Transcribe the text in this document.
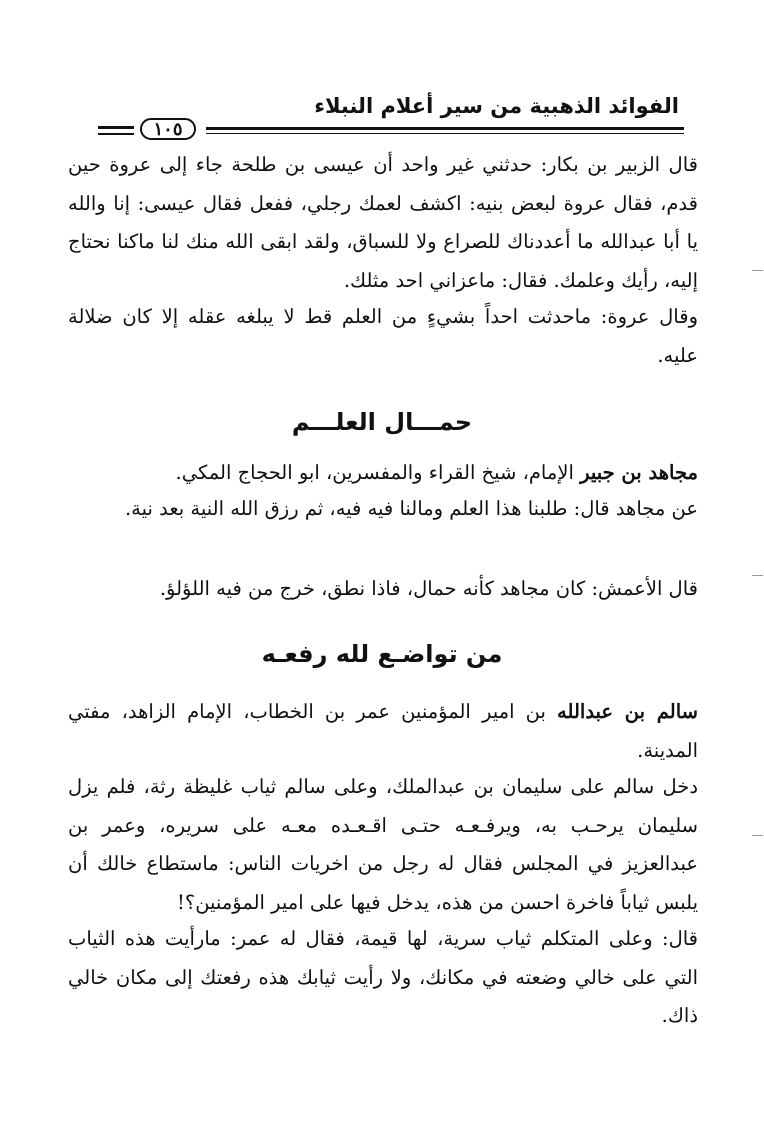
الفوائد الذهبية من سير أعلام النبلاء
١٠٥
قال الزبير بن بكار: حدثني غير واحد أن عيسى بن طلحة جاء إلى عروة حين قدم، فقال عروة لبعض بنيه: اكشف لعمك رجلي، ففعل فقال عيسى: إنا والله يا أبا عبدالله ما أعددناك للصراع ولا للسباق، ولقد ابقى الله منك لنا ماكنا نحتاج إليه، رأيك وعلمك. فقال: ماعزاني احد مثلك.
وقال عروة: ماحدثت احداً بشيءٍ من العلم قط لا يبلغه عقله إلا كان ضلالة عليه.
حمـــال العلـــم
مجاهد بن جبير الإمام، شيخ القراء والمفسرين، ابو الحجاج المكي.
عن مجاهد قال: طلبنا هذا العلم ومالنا فيه فيه، ثم رزق الله النية بعد نية.
قال الأعمش: كان مجاهد كأنه حمال، فاذا نطق، خرج من فيه اللؤلؤ.
من تواضـع لله رفعـه
سالم بن عبدالله بن امير المؤمنين عمر بن الخطاب، الإمام الزاهد، مفتي المدينة.
دخل سالم على سليمان بن عبدالملك، وعلى سالم ثياب غليظة رثة، فلم يزل سليمان يرحـب به، ويرفـعـه حتـى اقـعـده معـه على سريره، وعمر بن عبدالعزيز في المجلس فقال له رجل من اخريات الناس: ماستطاع خالك أن يلبس ثياباً فاخرة احسن من هذه، يدخل فيها على امير المؤمنين؟!
قال: وعلى المتكلم ثياب سرية، لها قيمة، فقال له عمر: مارأيت هذه الثياب التي على خالي وضعته في مكانك، ولا رأيت ثيابك هذه رفعتك إلى مكان خالي ذاك.
